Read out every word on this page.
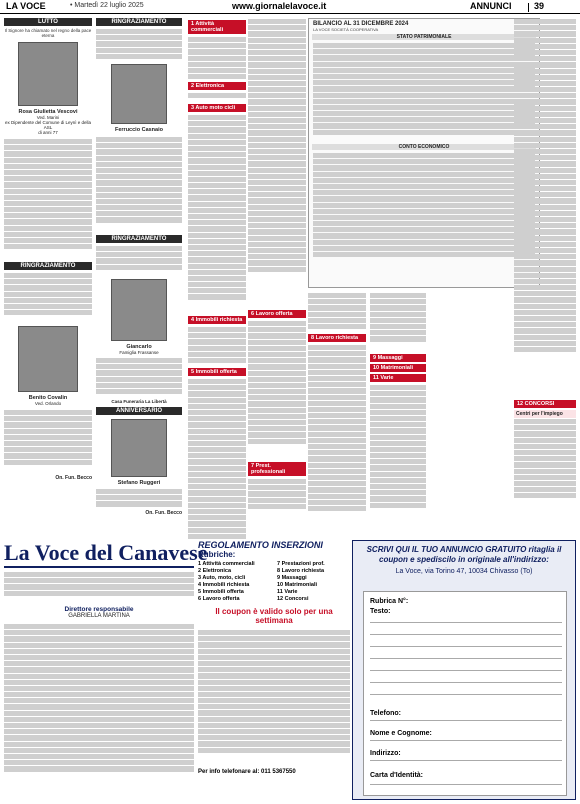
LA VOCE	• Martedì 22 luglio 2025	www.giornalelavoce.it	ANNUNCI	39
LUTTO
Il Signore ha chiamato nel regno della pace eterna
Rosa Giulietta Vescovi
Ved. Marini
ex Dipendente del Comune di Leynì e della ASL
di anni 77
RINGRAZIAMENTO
Benito Covalin
Ved. Orlando
On. Fun. Becco
RINGRAZIAMENTO
Ferruccio Casnaio
RINGRAZIAMENTO
Giancarlo
Famiglia Frassanse
Casa Funeraria La Libertà
ANNIVERSARIO
Stefano Ruggeri
On. Fun. Becco
1 Attività commerciali
2 Elettronica
3 Auto moto cicli
4 Immobili richiesta
5 Immobili offerta
6 Lavoro offerta
7 Prest. professionali
BILANCIO AL 31 DICEMBRE 2024
LA VOCE SOCIETÀ COOPERATIVA
STATO PATRIMONIALE
CONTO ECONOMICO
8 Lavoro richiesta
9 Massaggi
10 Matrimoniali
11 Varie
12 CONCORSI
Centri per l'impiego
La Voce del Canavese
Direttore responsabile
GABRIELLA MARTINA
REGOLAMENTO INSERZIONI
Rubriche:
1 Attività commerciali
2 Elettronica
3 Auto, moto, cicli
4 Immobili richiesta
5 Immobili offerta
6 Lavoro offerta
7 Prestazioni prof.
8 Lavoro richiesta
9 Massaggi
10 Matrimoniali
11 Varie
12 Concorsi
Il coupon è valido solo per una settimana
Per info telefonare al: 011 5367550
SCRIVI QUI IL TUO ANNUNCIO GRATUITO ritaglia il coupon e spediscilo in originale all'indirizzo:
La Voce, via Torino 47, 10034 Chivasso (To)
Rubrica N°:
Testo:
Telefono:
Nome e Cognome:
Indirizzo:
Carta d'Identità:
